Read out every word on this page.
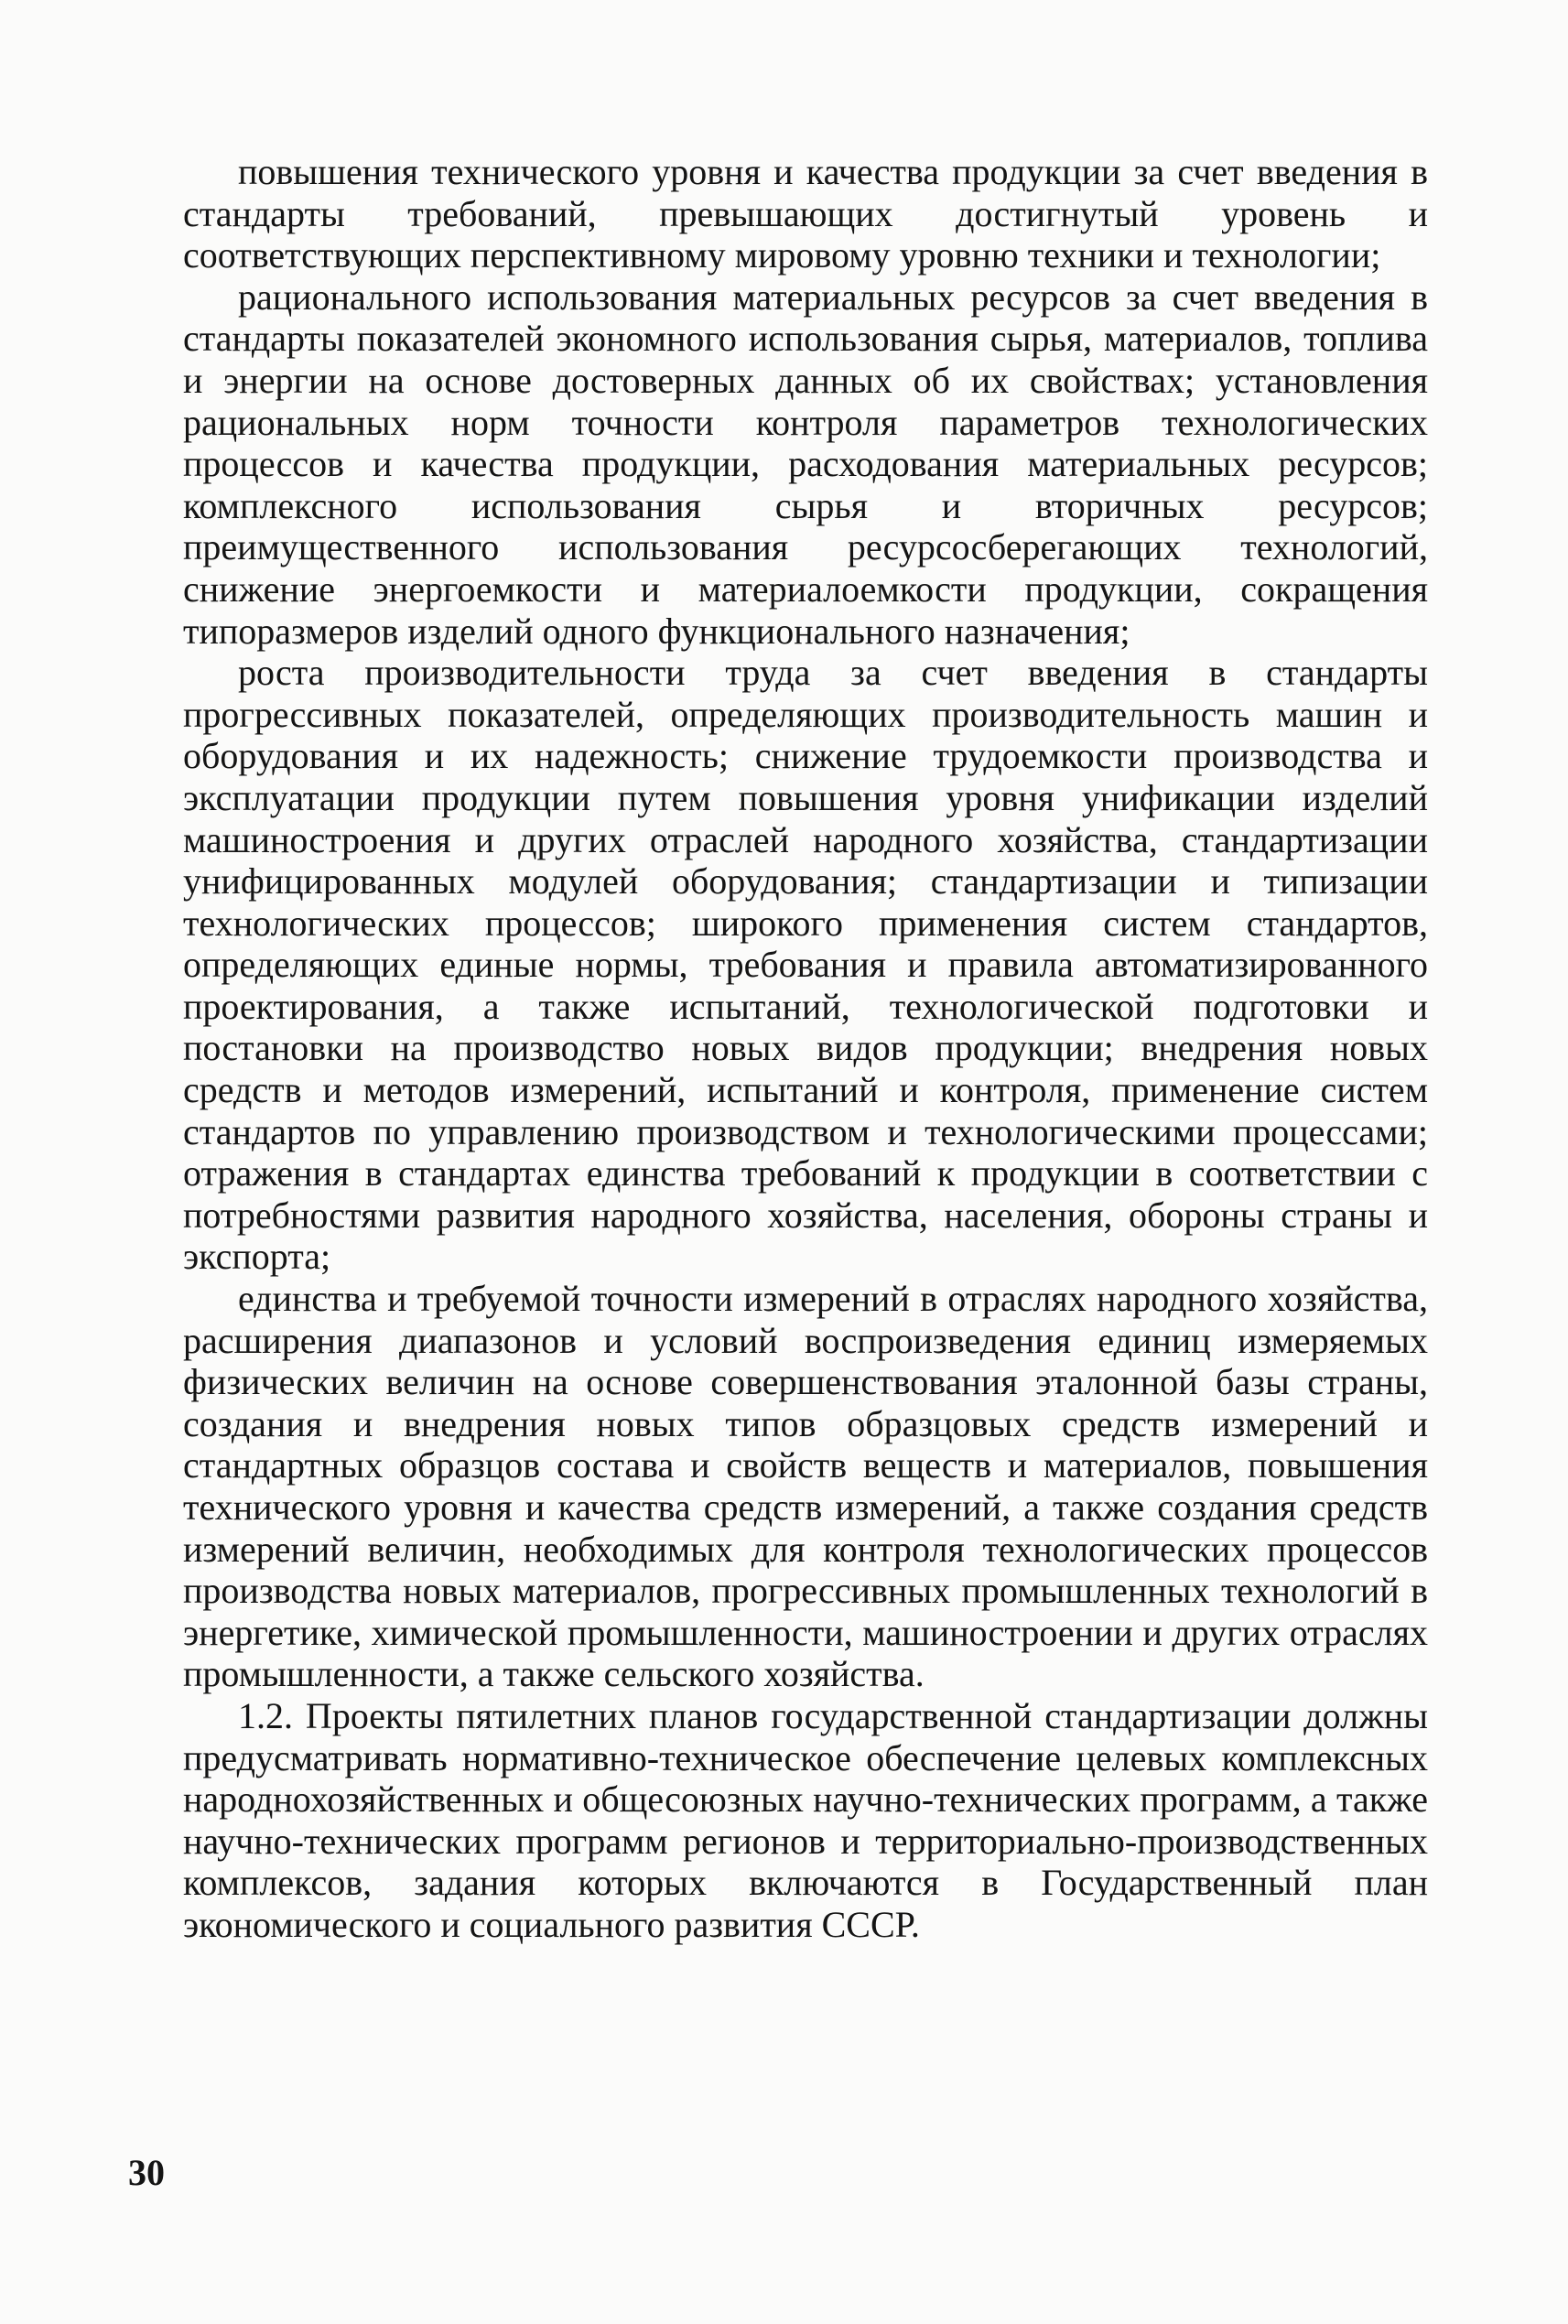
повышения технического уровня и качества продукции за счет введения в стандарты требований, превышающих достигнутый уровень и соответствующих перспективному мировому уровню техники и технологии;

рационального использования материальных ресурсов за счет введения в стандарты показателей экономного использования сырья, материалов, топлива и энергии на основе достоверных данных об их свойствах; установления рациональных норм точности контроля параметров технологических процессов и качества продукции, расходования материальных ресурсов; комплексного использования сырья и вторичных ресурсов; преимущественного использования ресурсосберегающих технологий, снижение энергоемкости и материалоемкости продукции, сокращения типоразмеров изделий одного функционального назначения;

роста производительности труда за счет введения в стандарты прогрессивных показателей, определяющих производительность машин и оборудования и их надежность; снижение трудоемкости производства и эксплуатации продукции путем повышения уровня унификации изделий машиностроения и других отраслей народного хозяйства, стандартизации унифицированных модулей оборудования; стандартизации и типизации технологических процессов; широкого применения систем стандартов, определяющих единые нормы, требования и правила автоматизированного проектирования, а также испытаний, технологической подготовки и постановки на производство новых видов продукции; внедрения новых средств и методов измерений, испытаний и контроля, применение систем стандартов по управлению производством и технологическими процессами; отражения в стандартах единства требований к продукции в соответствии с потребностями развития народного хозяйства, населения, обороны страны и экспорта;

единства и требуемой точности измерений в отраслях народного хозяйства, расширения диапазонов и условий воспроизведения единиц измеряемых физических величин на основе совершенствования эталонной базы страны, создания и внедрения новых типов образцовых средств измерений и стандартных образцов состава и свойств веществ и материалов, повышения технического уровня и качества средств измерений, а также создания средств измерений величин, необходимых для контроля технологических процессов производства новых материалов, прогрессивных промышленных технологий в энергетике, химической промышленности, машиностроении и других отраслях промышленности, а также сельского хозяйства.

1.2. Проекты пятилетних планов государственной стандартизации должны предусматривать нормативно-техническое обеспечение целевых комплексных народнохозяйственных и общесоюзных научно-технических программ, а также научно-технических программ регионов и территориально-производственных комплексов, задания которых включаются в Государственный план экономического и социального развития СССР.

30
